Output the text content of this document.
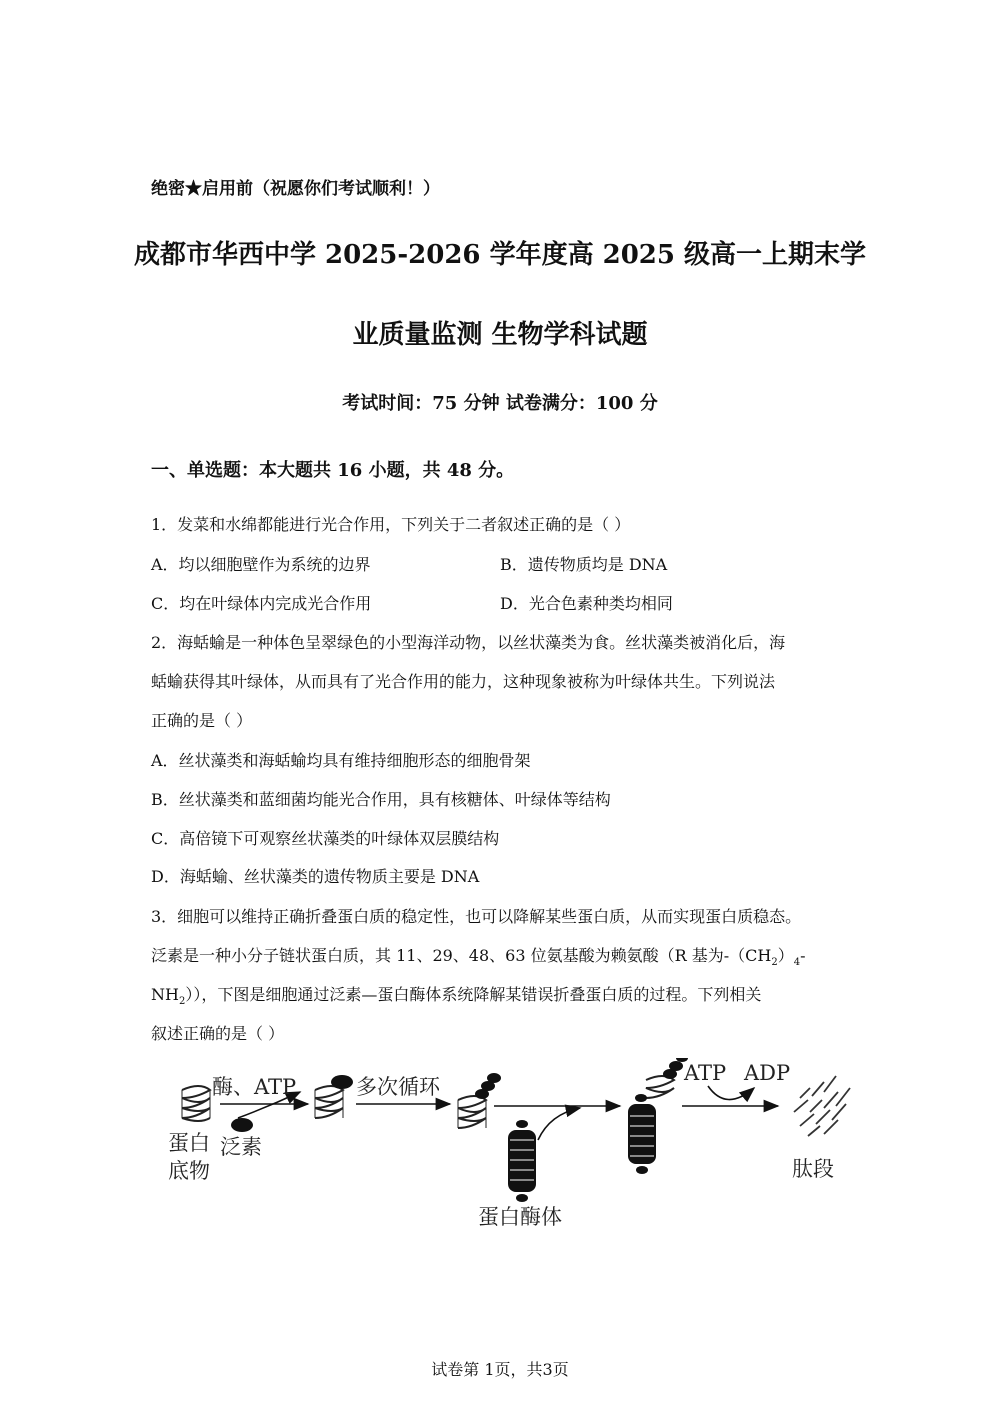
绝密★启用前（祝愿你们考试顺利！）
成都市华西中学 2025-2026 学年度高 2025 级高一上期末学
业质量监测 生物学科试题
考试时间：75 分钟 试卷满分：100 分
一、单选题：本大题共 16 小题，共 48 分。
1．发菜和水绵都能进行光合作用，下列关于二者叙述正确的是（ ）
A．均以细胞壁作为系统的边界	B．遗传物质均是 DNA
C．均在叶绿体内完成光合作用	D．光合色素种类均相同
2．海蛞蝓是一种体色呈翠绿色的小型海洋动物，以丝状藻类为食。丝状藻类被消化后，海
蛞蝓获得其叶绿体，从而具有了光合作用的能力，这种现象被称为叶绿体共生。下列说法
正确的是（ ）
A．丝状藻类和海蛞蝓均具有维持细胞形态的细胞骨架
B．丝状藻类和蓝细菌均能光合作用，具有核糖体、叶绿体等结构
C．高倍镜下可观察丝状藻类的叶绿体双层膜结构
D．海蛞蝓、丝状藻类的遗传物质主要是 DNA
3．细胞可以维持正确折叠蛋白质的稳定性，也可以降解某些蛋白质，从而实现蛋白质稳态。
泛素是一种小分子链状蛋白质，其 11、29、48、63 位氨基酸为赖氨酸（R 基为$-(CH_2)_4-$
$NH_2$）），下图是细胞通过泛素—蛋白酶体系统降解某错误折叠蛋白质的过程。下列相关
叙述正确的是（ ）
蛋白
底物
泛素
酶、ATP	多次循环
蛋白酶体
ATP ADP
肽段
试卷第 1页，共3页
